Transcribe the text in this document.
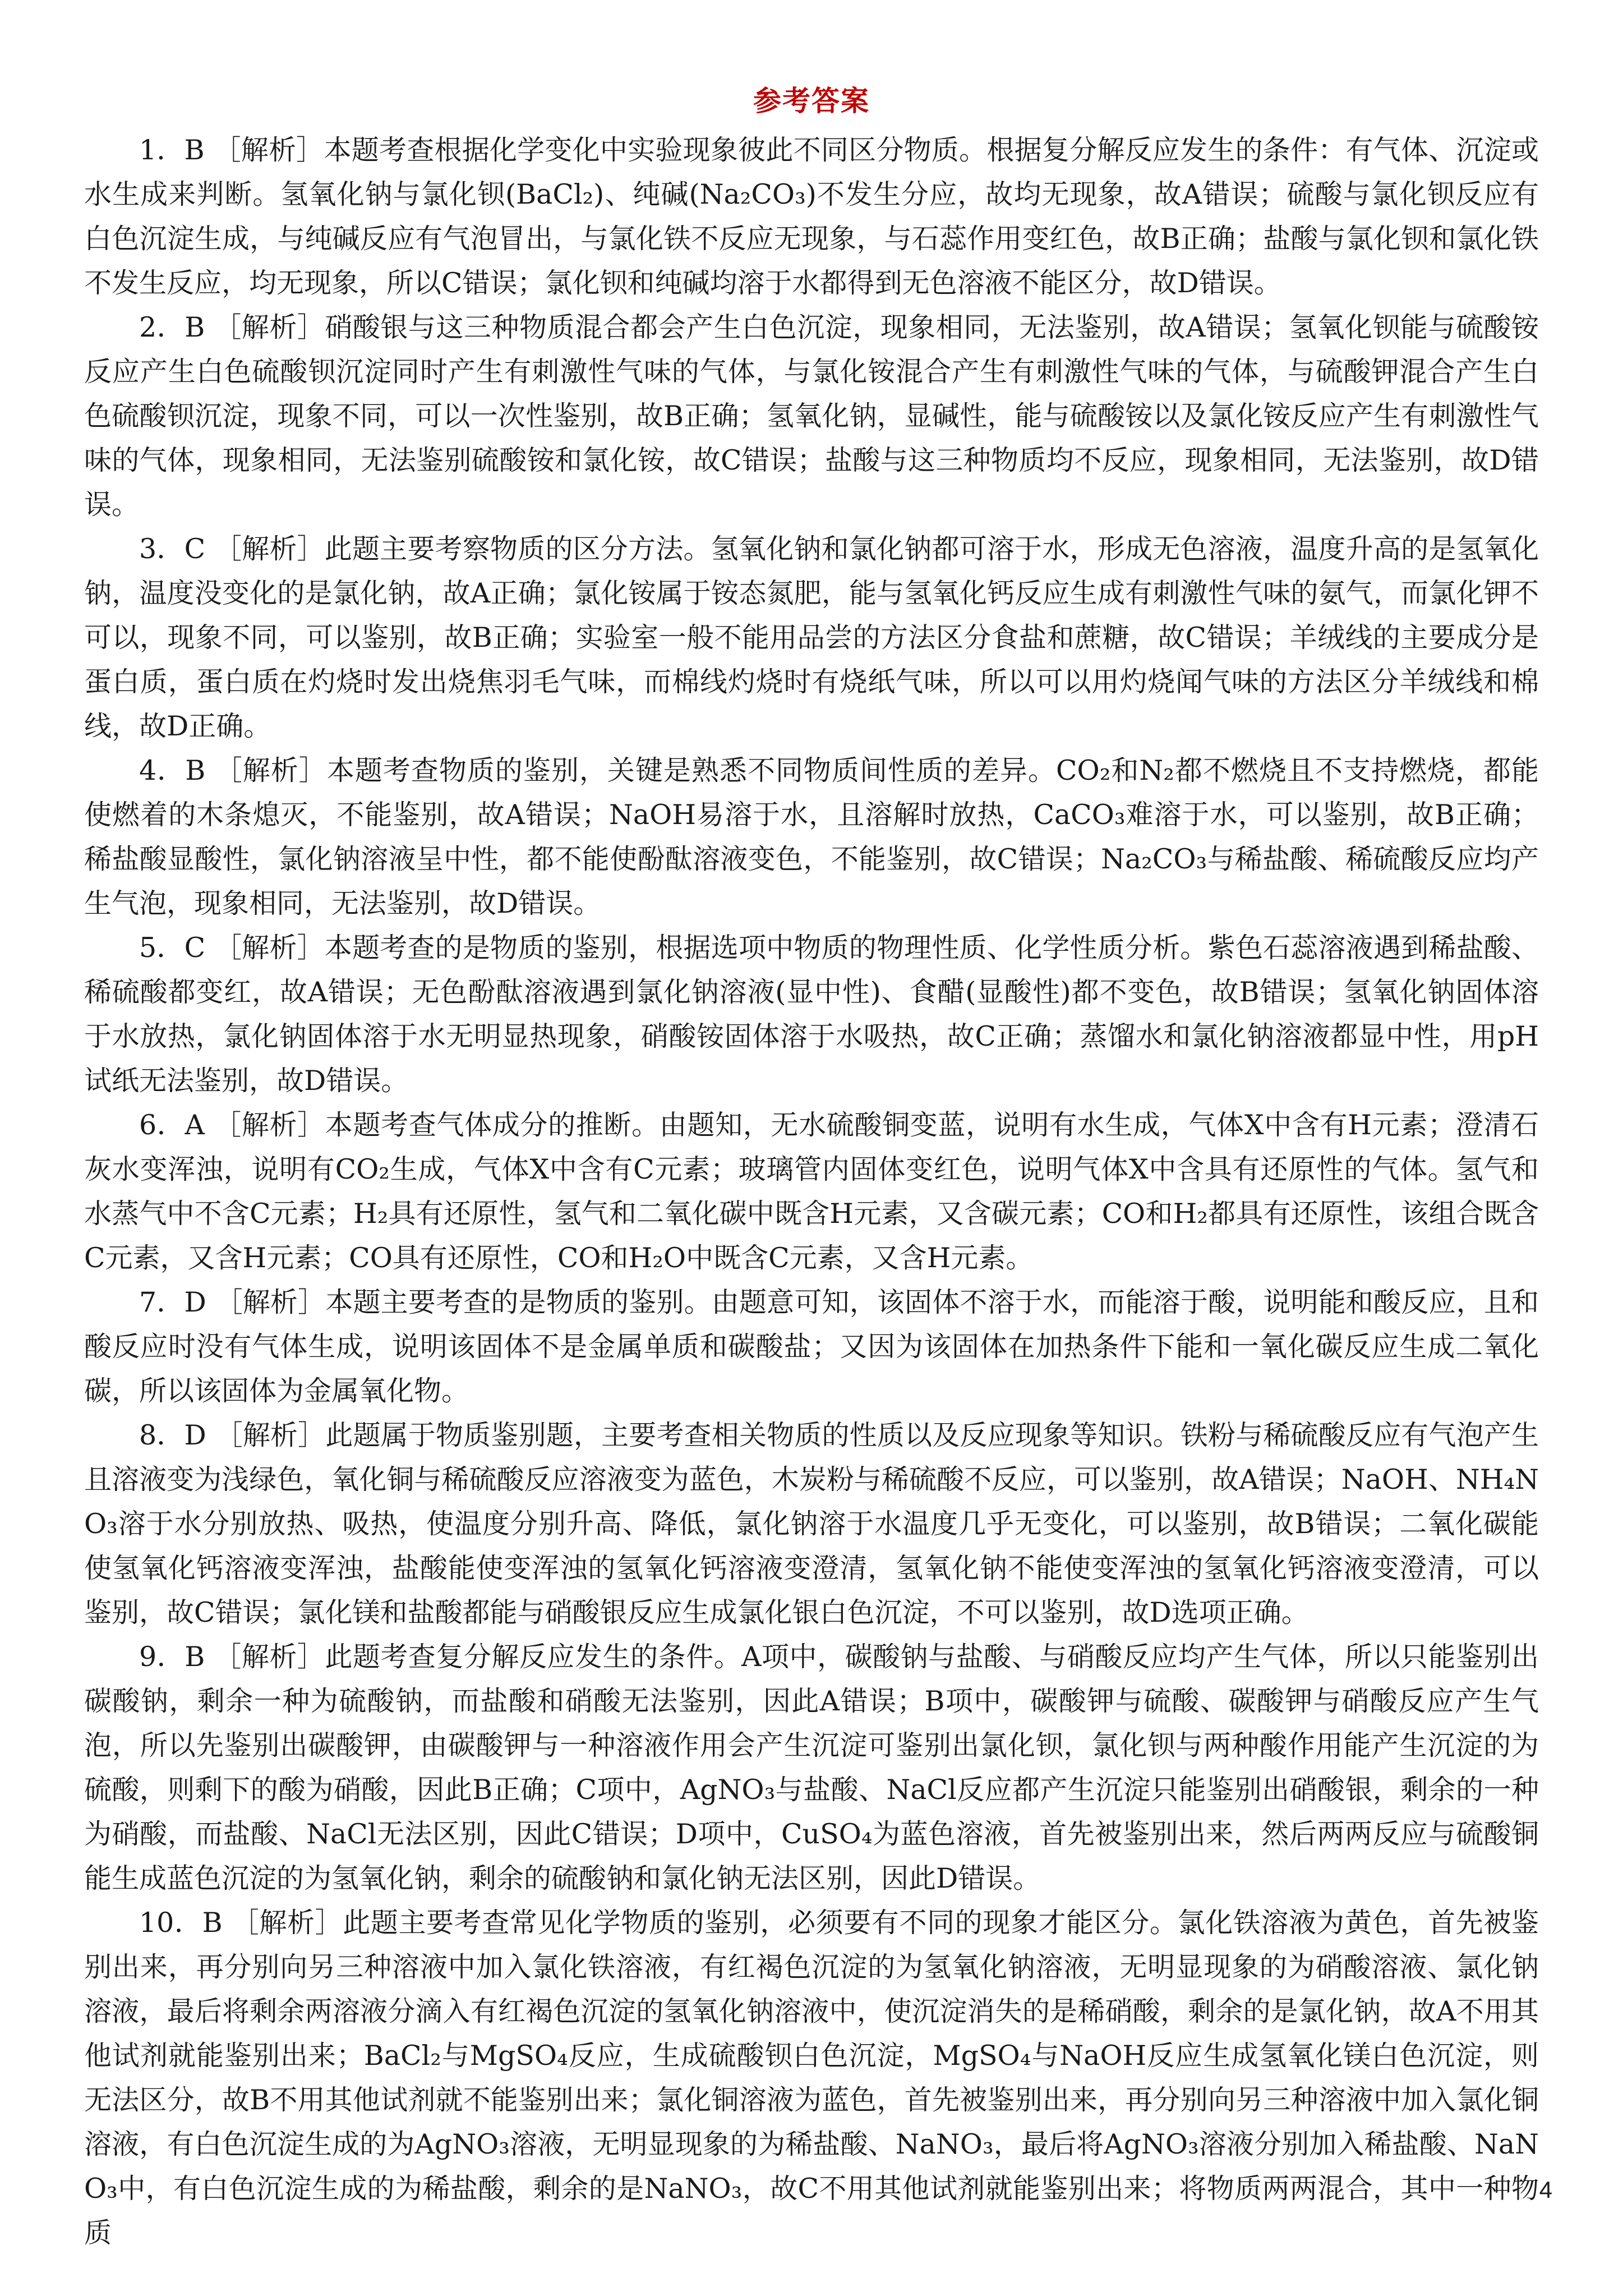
参考答案

1．B ［解析］本题考查根据化学变化中实验现象彼此不同区分物质。根据复分解反应发生的条件：有气体、沉淀或水生成来判断。氢氧化钠与氯化钡(BaCl₂)、纯碱(Na₂CO₃)不发生分应，故均无现象，故A错误；硫酸与氯化钡反应有白色沉淀生成，与纯碱反应有气泡冒出，与氯化铁不反应无现象，与石蕊作用变红色，故B正确；盐酸与氯化钡和氯化铁不发生反应，均无现象，所以C错误；氯化钡和纯碱均溶于水都得到无色溶液不能区分，故D错误。

2．B ［解析］硝酸银与这三种物质混合都会产生白色沉淀，现象相同，无法鉴别，故A错误；氢氧化钡能与硫酸铵反应产生白色硫酸钡沉淀同时产生有刺激性气味的气体，与氯化铵混合产生有刺激性气味的气体，与硫酸钾混合产生白色硫酸钡沉淀，现象不同，可以一次性鉴别，故B正确；氢氧化钠，显碱性，能与硫酸铵以及氯化铵反应产生有刺激性气味的气体，现象相同，无法鉴别硫酸铵和氯化铵，故C错误；盐酸与这三种物质均不反应，现象相同，无法鉴别，故D错误。

3．C ［解析］此题主要考察物质的区分方法。氢氧化钠和氯化钠都可溶于水，形成无色溶液，温度升高的是氢氧化钠，温度没变化的是氯化钠，故A正确；氯化铵属于铵态氮肥，能与氢氧化钙反应生成有刺激性气味的氨气，而氯化钾不可以，现象不同，可以鉴别，故B正确；实验室一般不能用品尝的方法区分食盐和蔗糖，故C错误；羊绒线的主要成分是蛋白质，蛋白质在灼烧时发出烧焦羽毛气味，而棉线灼烧时有烧纸气味，所以可以用灼烧闻气味的方法区分羊绒线和棉线，故D正确。

4．B ［解析］本题考查物质的鉴别，关键是熟悉不同物质间性质的差异。CO₂和N₂都不燃烧且不支持燃烧，都能使燃着的木条熄灭，不能鉴别，故A错误；NaOH易溶于水，且溶解时放热，CaCO₃难溶于水，可以鉴别，故B正确；稀盐酸显酸性，氯化钠溶液呈中性，都不能使酚酞溶液变色，不能鉴别，故C错误；Na₂CO₃与稀盐酸、稀硫酸反应均产生气泡，现象相同，无法鉴别，故D错误。

5．C ［解析］本题考查的是物质的鉴别，根据选项中物质的物理性质、化学性质分析。紫色石蕊溶液遇到稀盐酸、稀硫酸都变红，故A错误；无色酚酞溶液遇到氯化钠溶液(显中性)、食醋(显酸性)都不变色，故B错误；氢氧化钠固体溶于水放热，氯化钠固体溶于水无明显热现象，硝酸铵固体溶于水吸热，故C正确；蒸馏水和氯化钠溶液都显中性，用pH试纸无法鉴别，故D错误。

6．A ［解析］本题考查气体成分的推断。由题知，无水硫酸铜变蓝，说明有水生成，气体X中含有H元素；澄清石灰水变浑浊，说明有CO₂生成，气体X中含有C元素；玻璃管内固体变红色，说明气体X中含具有还原性的气体。氢气和水蒸气中不含C元素；H₂具有还原性，氢气和二氧化碳中既含H元素，又含碳元素；CO和H₂都具有还原性，该组合既含C元素，又含H元素；CO具有还原性，CO和H₂O中既含C元素，又含H元素。

7．D ［解析］本题主要考查的是物质的鉴别。由题意可知，该固体不溶于水，而能溶于酸，说明能和酸反应，且和酸反应时没有气体生成，说明该固体不是金属单质和碳酸盐；又因为该固体在加热条件下能和一氧化碳反应生成二氧化碳，所以该固体为金属氧化物。

8．D ［解析］此题属于物质鉴别题，主要考查相关物质的性质以及反应现象等知识。铁粉与稀硫酸反应有气泡产生且溶液变为浅绿色，氧化铜与稀硫酸反应溶液变为蓝色，木炭粉与稀硫酸不反应，可以鉴别，故A错误；NaOH、NH₄NO₃溶于水分别放热、吸热，使温度分别升高、降低，氯化钠溶于水温度几乎无变化，可以鉴别，故B错误；二氧化碳能使氢氧化钙溶液变浑浊，盐酸能使变浑浊的氢氧化钙溶液变澄清，氢氧化钠不能使变浑浊的氢氧化钙溶液变澄清，可以鉴别，故C错误；氯化镁和盐酸都能与硝酸银反应生成氯化银白色沉淀，不可以鉴别，故D选项正确。

9．B ［解析］此题考查复分解反应发生的条件。A项中，碳酸钠与盐酸、与硝酸反应均产生气体，所以只能鉴别出碳酸钠，剩余一种为硫酸钠，而盐酸和硝酸无法鉴别，因此A错误；B项中，碳酸钾与硫酸、碳酸钾与硝酸反应产生气泡，所以先鉴别出碳酸钾，由碳酸钾与一种溶液作用会产生沉淀可鉴别出氯化钡，氯化钡与两种酸作用能产生沉淀的为硫酸，则剩下的酸为硝酸，因此B正确；C项中，AgNO₃与盐酸、NaCl反应都产生沉淀只能鉴别出硝酸银，剩余的一种为硝酸，而盐酸、NaCl无法区别，因此C错误；D项中，CuSO₄为蓝色溶液，首先被鉴别出来，然后两两反应与硫酸铜能生成蓝色沉淀的为氢氧化钠，剩余的硫酸钠和氯化钠无法区别，因此D错误。

10．B ［解析］此题主要考查常见化学物质的鉴别，必须要有不同的现象才能区分。氯化铁溶液为黄色，首先被鉴别出来，再分别向另三种溶液中加入氯化铁溶液，有红褐色沉淀的为氢氧化钠溶液，无明显现象的为硝酸溶液、氯化钠溶液，最后将剩余两溶液分滴入有红褐色沉淀的氢氧化钠溶液中，使沉淀消失的是稀硝酸，剩余的是氯化钠，故A不用其他试剂就能鉴别出来；BaCl₂与MgSO₄反应，生成硫酸钡白色沉淀，MgSO₄与NaOH反应生成氢氧化镁白色沉淀，则无法区分，故B不用其他试剂就不能鉴别出来；氯化铜溶液为蓝色，首先被鉴别出来，再分别向另三种溶液中加入氯化铜溶液，有白色沉淀生成的为AgNO₃溶液，无明显现象的为稀盐酸、NaNO₃，最后将AgNO₃溶液分别加入稀盐酸、NaNO₃中，有白色沉淀生成的为稀盐酸，剩余的是NaNO₃，故C不用其他试剂就能鉴别出来；将物质两两混合，其中一种物质

4
